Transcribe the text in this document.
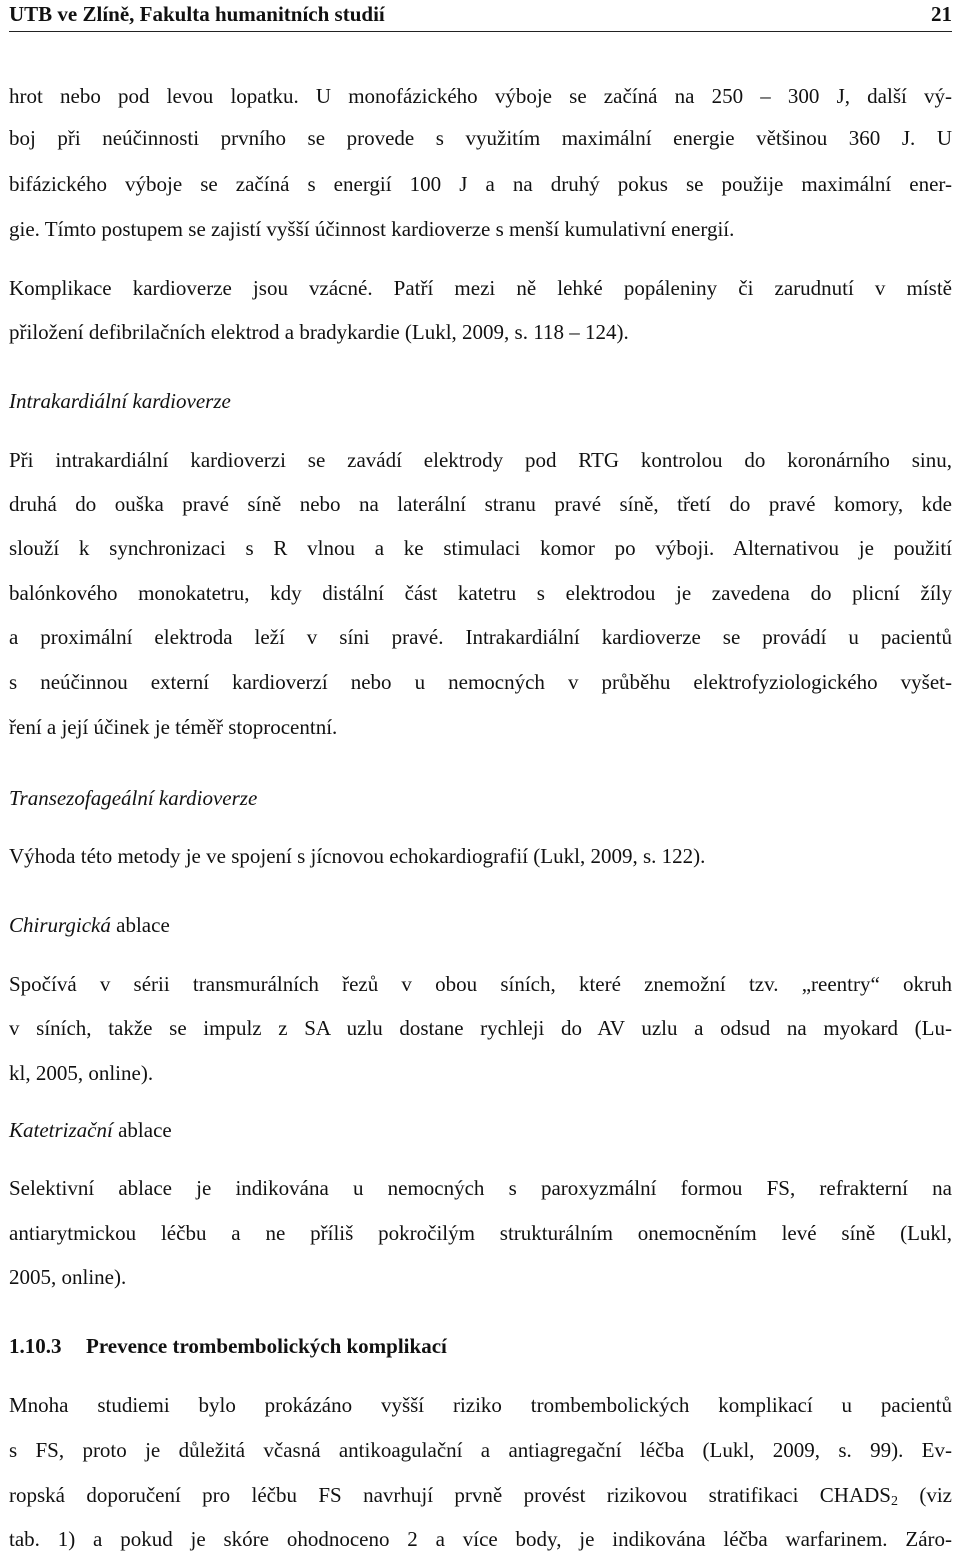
UTB ve Zlíně, Fakulta humanitních studií	21
hrot nebo pod levou lopatku. U monofázického výboje se začíná na 250 – 300 J, další vý-
boj při neúčinnosti prvního se provede s využitím maximální energie většinou 360 J. U
bifázického výboje se začíná s energií 100 J a na druhý pokus se použije maximální ener-
gie. Tímto postupem se zajistí vyšší účinnost kardioverze s menší kumulativní energií.
Komplikace kardioverze jsou vzácné. Patří mezi ně lehké popáleniny či zarudnutí v místě
přiložení defibrilačních elektrod a bradykardie (Lukl, 2009, s. 118 – 124).
Intrakardiální kardioverze
Při intrakardiální kardioverzi se zavádí elektrody pod RTG kontrolou do koronárního sinu,
druhá do ouška pravé síně nebo na laterální stranu pravé síně, třetí do pravé komory, kde
slouží k synchronizaci s R vlnou a ke stimulaci komor po výboji. Alternativou je použití
balónkového monokatetru, kdy distální část katetru s elektrodou je zavedena do plicní žíly
a proximální elektroda leží v síni pravé. Intrakardiální kardioverze se provádí u pacientů
s neúčinnou externí kardioverzí nebo u nemocných v průběhu elektrofyziologického vyšet-
ření a její účinek je téměř stoprocentní.
Transezofageální kardioverze
Výhoda této metody je ve spojení s jícnovou echokardiografií (Lukl, 2009, s. 122).
Chirurgická ablace
Spočívá v sérii transmurálních řezů v obou síních, které znemožní tzv. „reentry“ okruh
v síních, takže se impulz z SA uzlu dostane rychleji do AV uzlu a odsud na myokard (Lu-
kl, 2005, online).
Katetrizační ablace
Selektivní ablace je indikována u nemocných s paroxyzmální formou FS, refrakterní na
antiarytmickou léčbu a ne příliš pokročilým strukturálním onemocněním levé síně (Lukl,
2005, online).
1.10.3 Prevence trombembolických komplikací
Mnoha studiemi bylo prokázáno vyšší riziko trombembolických komplikací u pacientů
s FS, proto je důležitá včasná antikoagulační a antiagregační léčba (Lukl, 2009, s. 99). Ev-
ropská doporučení pro léčbu FS navrhují prvně provést rizikovou stratifikaci $CHADS_2$ (viz
tab. 1) a pokud je skóre ohodnoceno 2 a více body, je indikována léčba warfarinem. Záro-
